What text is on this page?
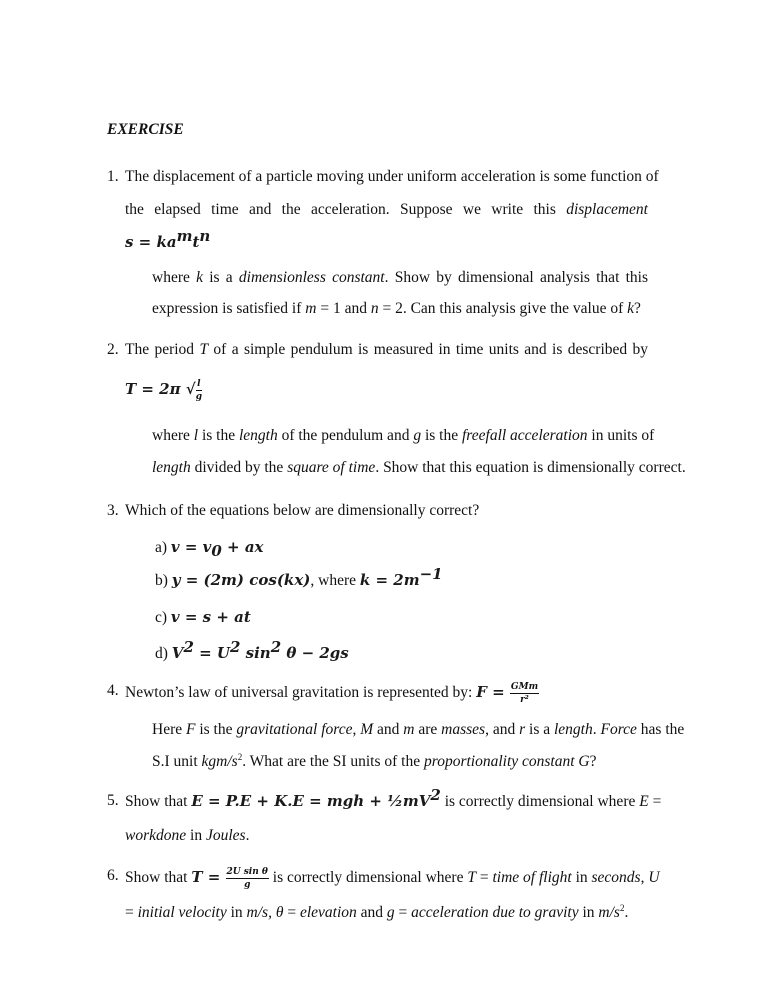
EXERCISE
1. The displacement of a particle moving under uniform acceleration is some function of
the elapsed time and the acceleration. Suppose we write this displacement
$s = ka^mt^n$
where k is a dimensionless constant. Show by dimensional analysis that this
expression is satisfied if m = 1 and n = 2. Can this analysis give the value of k?
2. The period T of a simple pendulum is measured in time units and is described by
T = 2π √ $\frac{l}{g}$
where l is the length of the pendulum and g is the freefall acceleration in units of
length divided by the square of time. Show that this equation is dimensionally correct.
3. Which of the equations below are dimensionally correct?
a) $v = v_0$ + ax
b) y = (2m) cos(kx), where $k = 2m^{-1}$
c) v = s + at
d) $V^2 = U^2$ $\sin^2 \theta - 2gs$
4. Newton’s law of universal gravitation is represented by: $F = \frac{\text{GMm}}{\text{r²}}$
Here F is the gravitational force, M and m are masses, and r is a length. Force has the
S.I unit kgm/$s^2$. What are the SI units of the proportionality constant G?
5. Show that E = P.E + K.E = mgh + $\frac{1}{2}mV^2$ is correctly dimensional where E =
workdone in Joules.
6. Show that $T = \frac{\text{2U sin θ}}{g}$ is correctly dimensional where T = time of flight in seconds, U
= initial velocity in m/s, θ = elevation and g = acceleration due to gravity in $m/s^2$.
